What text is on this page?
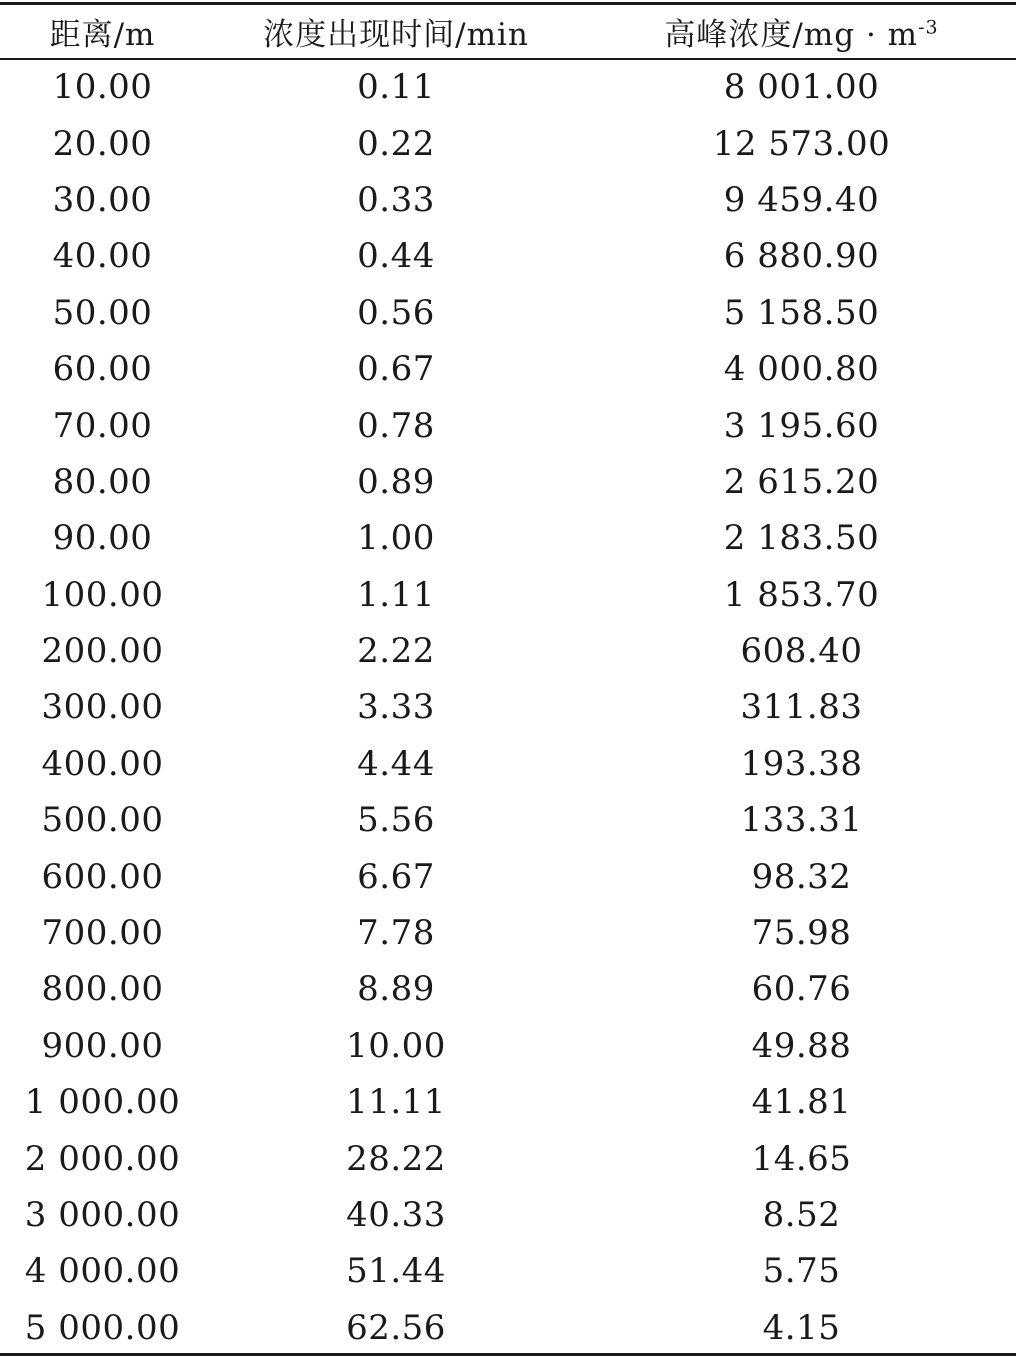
距离/m	浓度出现时间/min	高峰浓度$/mg \cdot m^{-3}$
10.00	0.11	8 001.00
20.00	0.22	12 573.00
30.00	0.33	9 459.40
40.00	0.44	6 880.90
50.00	0.56	5 158.50
60.00	0.67	4 000.80
70.00	0.78	3 195.60
80.00	0.89	2 615.20
90.00	1.00	2 183.50
100.00	1.11	1 853.70
200.00	2.22	608.40
300.00	3.33	311.83
400.00	4.44	193.38
500.00	5.56	133.31
600.00	6.67	98.32
700.00	7.78	75.98
800.00	8.89	60.76
900.00	10.00	49.88
1 000.00	11.11	41.81
2 000.00	28.22	14.65
3 000.00	40.33	8.52
4 000.00	51.44	5.75
5 000.00	62.56	4.15
